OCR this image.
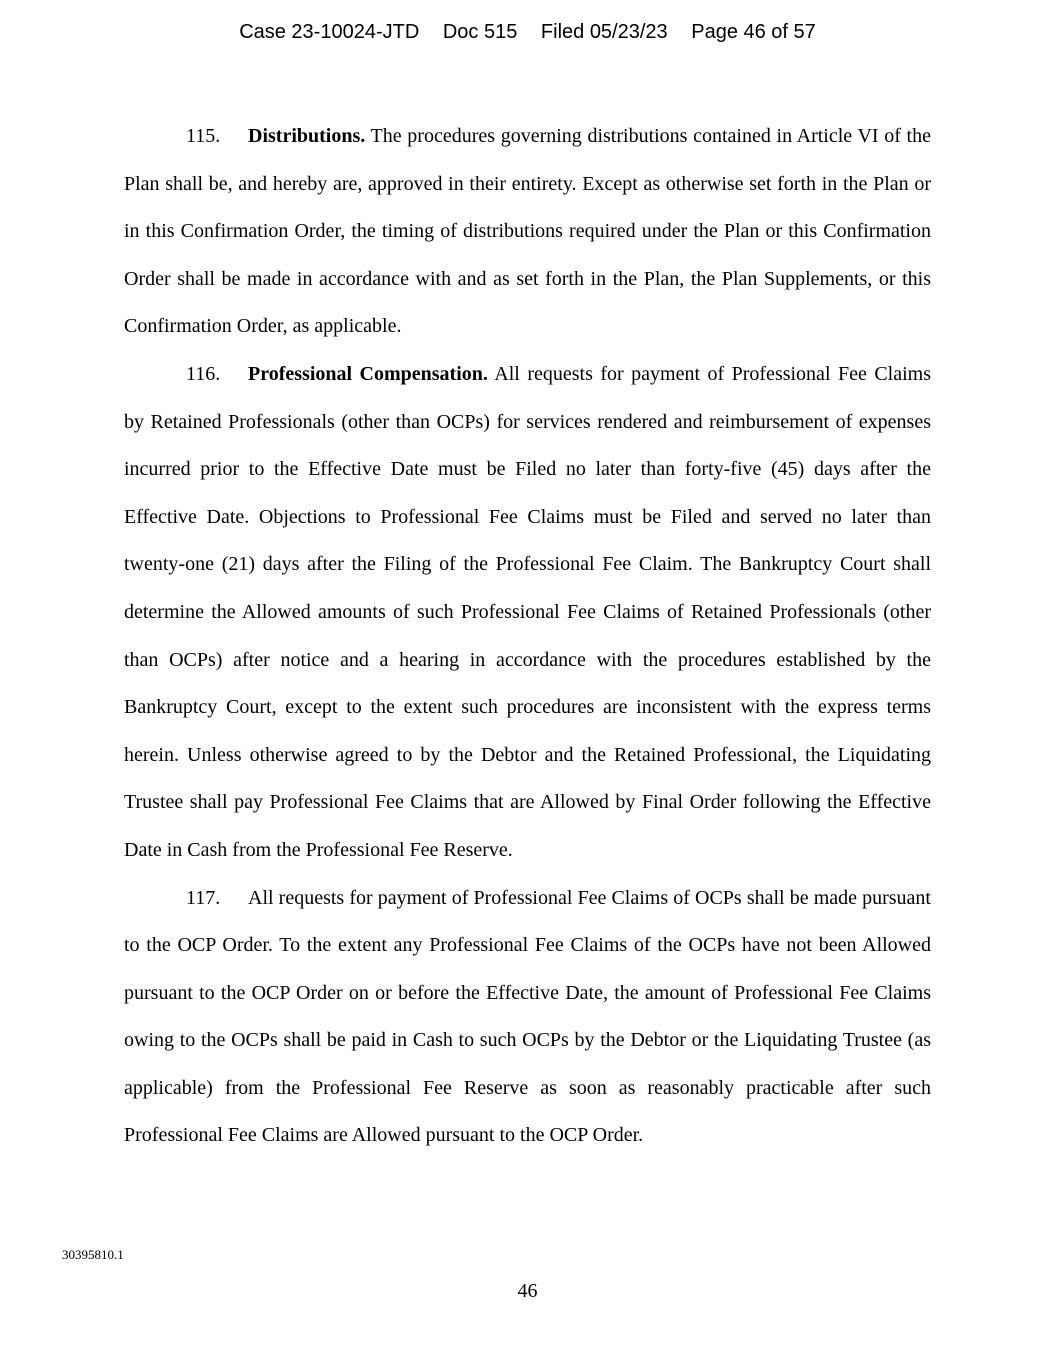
Case 23-10024-JTD Doc 515 Filed 05/23/23 Page 46 of 57

115. Distributions. The procedures governing distributions contained in Article VI of the Plan shall be, and hereby are, approved in their entirety. Except as otherwise set forth in the Plan or in this Confirmation Order, the timing of distributions required under the Plan or this Confirmation Order shall be made in accordance with and as set forth in the Plan, the Plan Supplements, or this Confirmation Order, as applicable.

116. Professional Compensation. All requests for payment of Professional Fee Claims by Retained Professionals (other than OCPs) for services rendered and reimbursement of expenses incurred prior to the Effective Date must be Filed no later than forty-five (45) days after the Effective Date. Objections to Professional Fee Claims must be Filed and served no later than twenty-one (21) days after the Filing of the Professional Fee Claim. The Bankruptcy Court shall determine the Allowed amounts of such Professional Fee Claims of Retained Professionals (other than OCPs) after notice and a hearing in accordance with the procedures established by the Bankruptcy Court, except to the extent such procedures are inconsistent with the express terms herein. Unless otherwise agreed to by the Debtor and the Retained Professional, the Liquidating Trustee shall pay Professional Fee Claims that are Allowed by Final Order following the Effective Date in Cash from the Professional Fee Reserve.

117. All requests for payment of Professional Fee Claims of OCPs shall be made pursuant to the OCP Order. To the extent any Professional Fee Claims of the OCPs have not been Allowed pursuant to the OCP Order on or before the Effective Date, the amount of Professional Fee Claims owing to the OCPs shall be paid in Cash to such OCPs by the Debtor or the Liquidating Trustee (as applicable) from the Professional Fee Reserve as soon as reasonably practicable after such Professional Fee Claims are Allowed pursuant to the OCP Order.

30395810.1
46
